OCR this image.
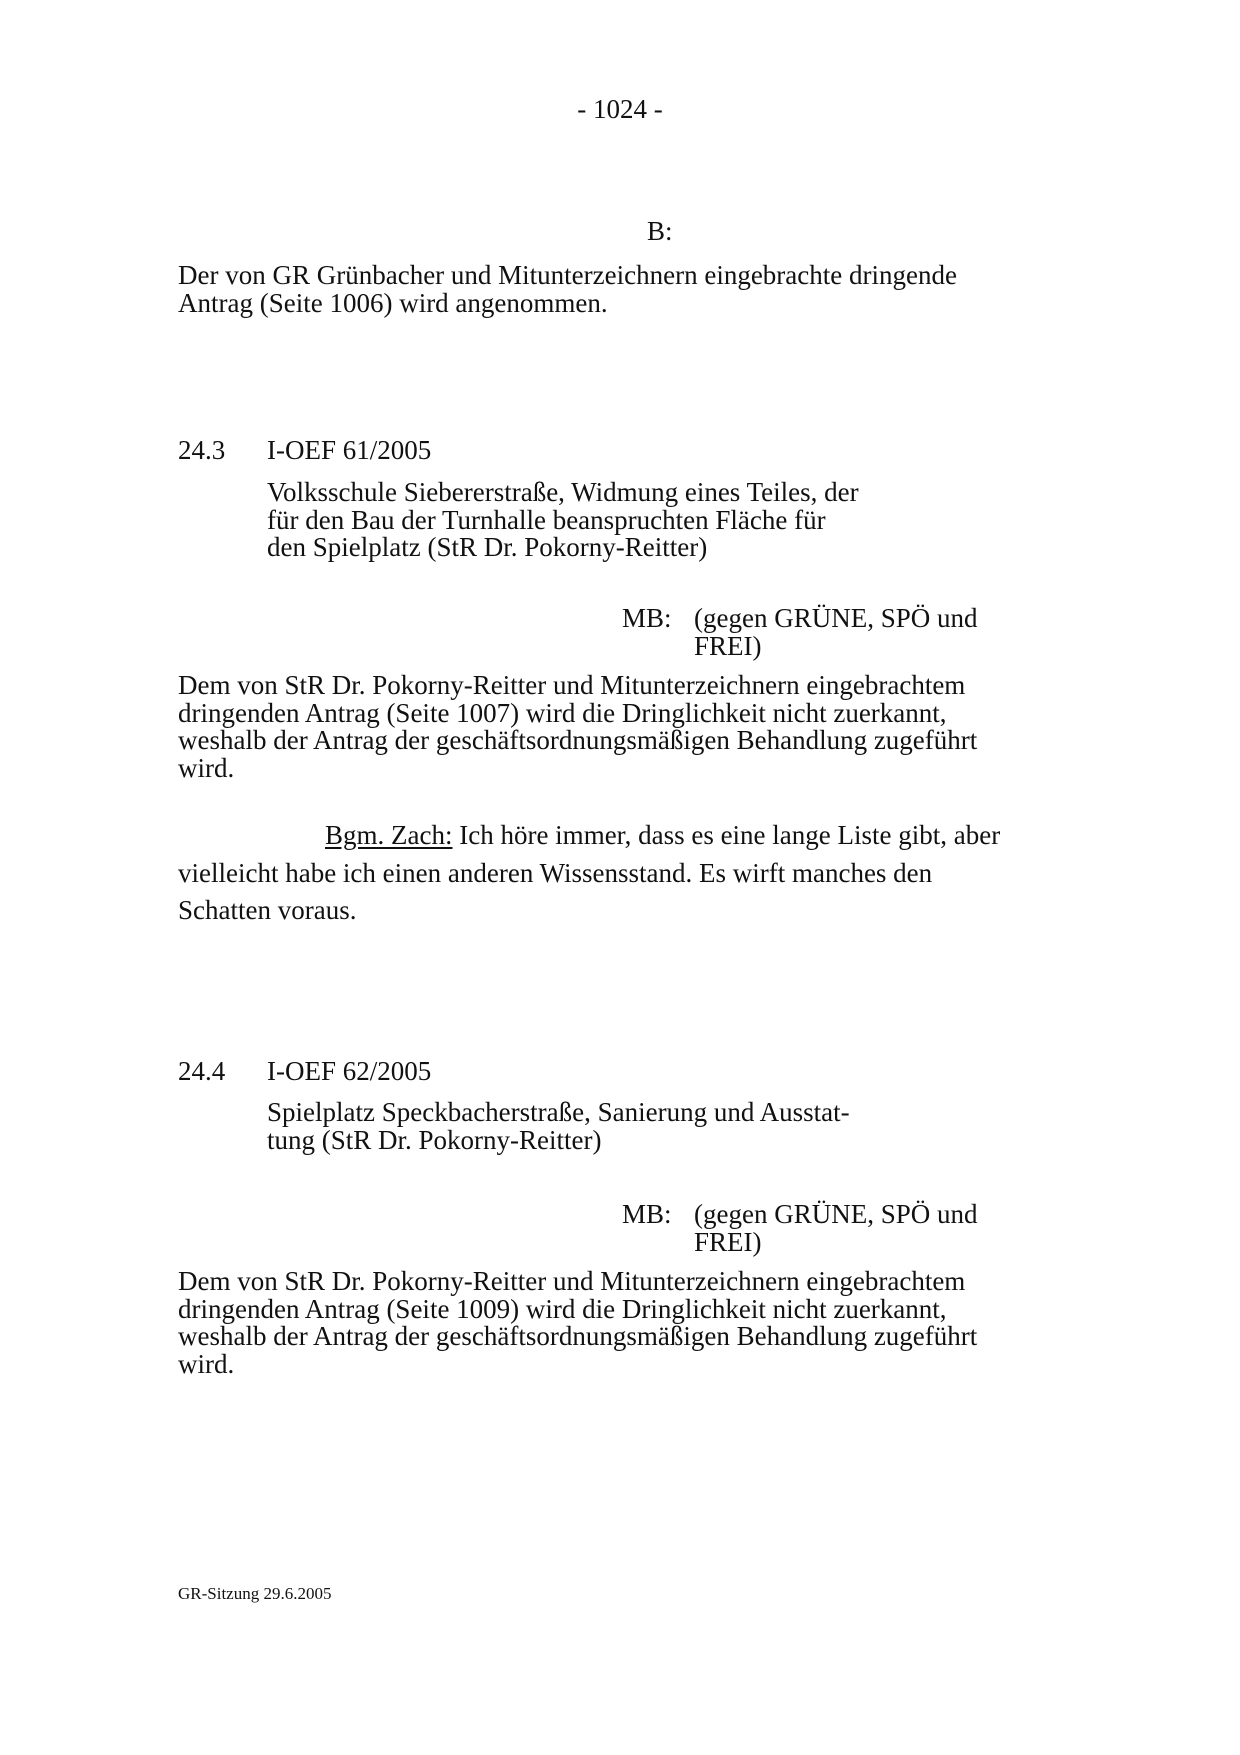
- 1024 -
B:
Der von GR Grünbacher und Mitunterzeichnern eingebrachte dringende
Antrag (Seite 1006) wird angenommen.
24.3 I-OEF 61/2005
Volksschule Siebererstraße, Widmung eines Teiles, der
für den Bau der Turnhalle beanspruchten Fläche für
den Spielplatz (StR Dr. Pokorny-Reitter)
MB: (gegen GRÜNE, SPÖ und
FREI)
Dem von StR Dr. Pokorny-Reitter und Mitunterzeichnern eingebrachtem
dringenden Antrag (Seite 1007) wird die Dringlichkeit nicht zuerkannt,
weshalb der Antrag der geschäftsordnungsmäßigen Behandlung zugeführt
wird.
Bgm. Zach: Ich höre immer, dass es eine lange Liste gibt, aber
vielleicht habe ich einen anderen Wissensstand. Es wirft manches den
Schatten voraus.
24.4 I-OEF 62/2005
Spielplatz Speckbacherstraße, Sanierung und Ausstat-
tung (StR Dr. Pokorny-Reitter)
MB: (gegen GRÜNE, SPÖ und
FREI)
Dem von StR Dr. Pokorny-Reitter und Mitunterzeichnern eingebrachtem
dringenden Antrag (Seite 1009) wird die Dringlichkeit nicht zuerkannt,
weshalb der Antrag der geschäftsordnungsmäßigen Behandlung zugeführt
wird.
GR-Sitzung 29.6.2005
